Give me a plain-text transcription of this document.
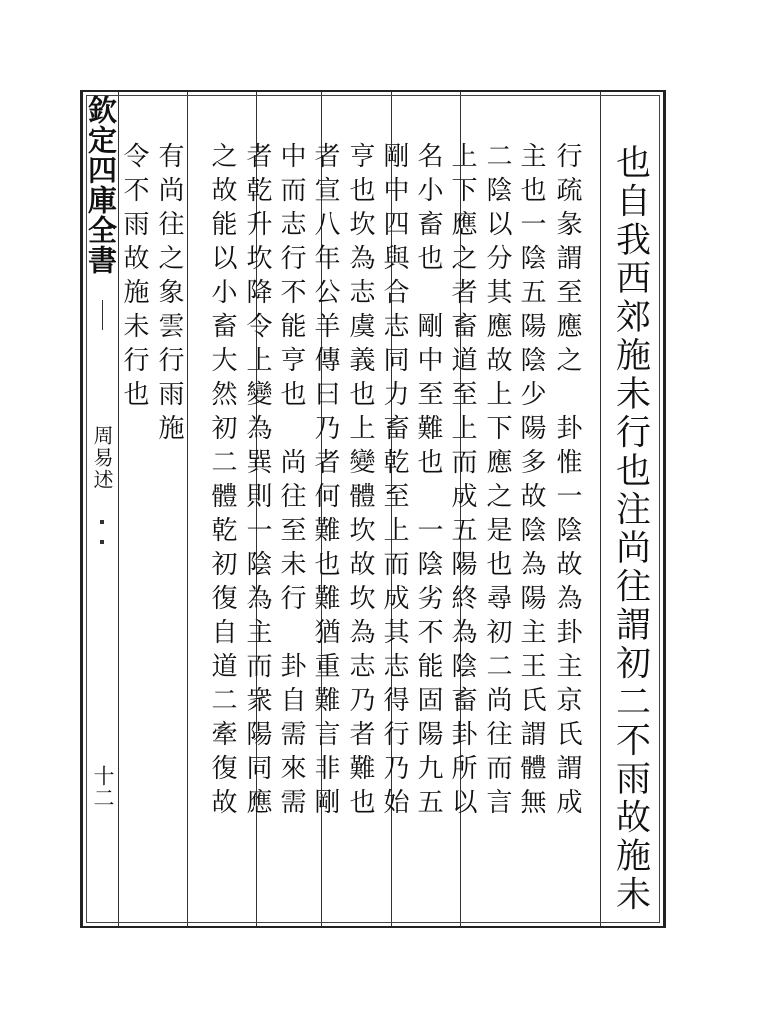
也自我西郊施未行也注尚往謂初二不雨故施未
行疏彖謂至應之　卦惟一陰故為卦主京氏謂成
主也一陰五陽陰少陽多故陰為陽主王氏謂體無
二陰以分其應故上下應之是也尋初二尚往而言
上下應之者畜道至上而成五陽終為陰畜卦所以
名小畜也　剛中至難也　一陰劣不能固陽九五
剛中四與合志同力畜乾至上而成其志得行乃始
亨也坎為志虞義也上變體坎故坎為志乃者難也
者宣八年公羊傳曰乃者何難也難猶重難言非剛
中而志行不能亨也　尚往至未行　卦自需來需
者乾升坎降令上變為巽則一陰為主而衆陽同應
之故能以小畜大然初二體乾初復自道二牽復故
有尚往之象雲行雨施
令不雨故施未行也
欽定四庫全書
周易述
十二
